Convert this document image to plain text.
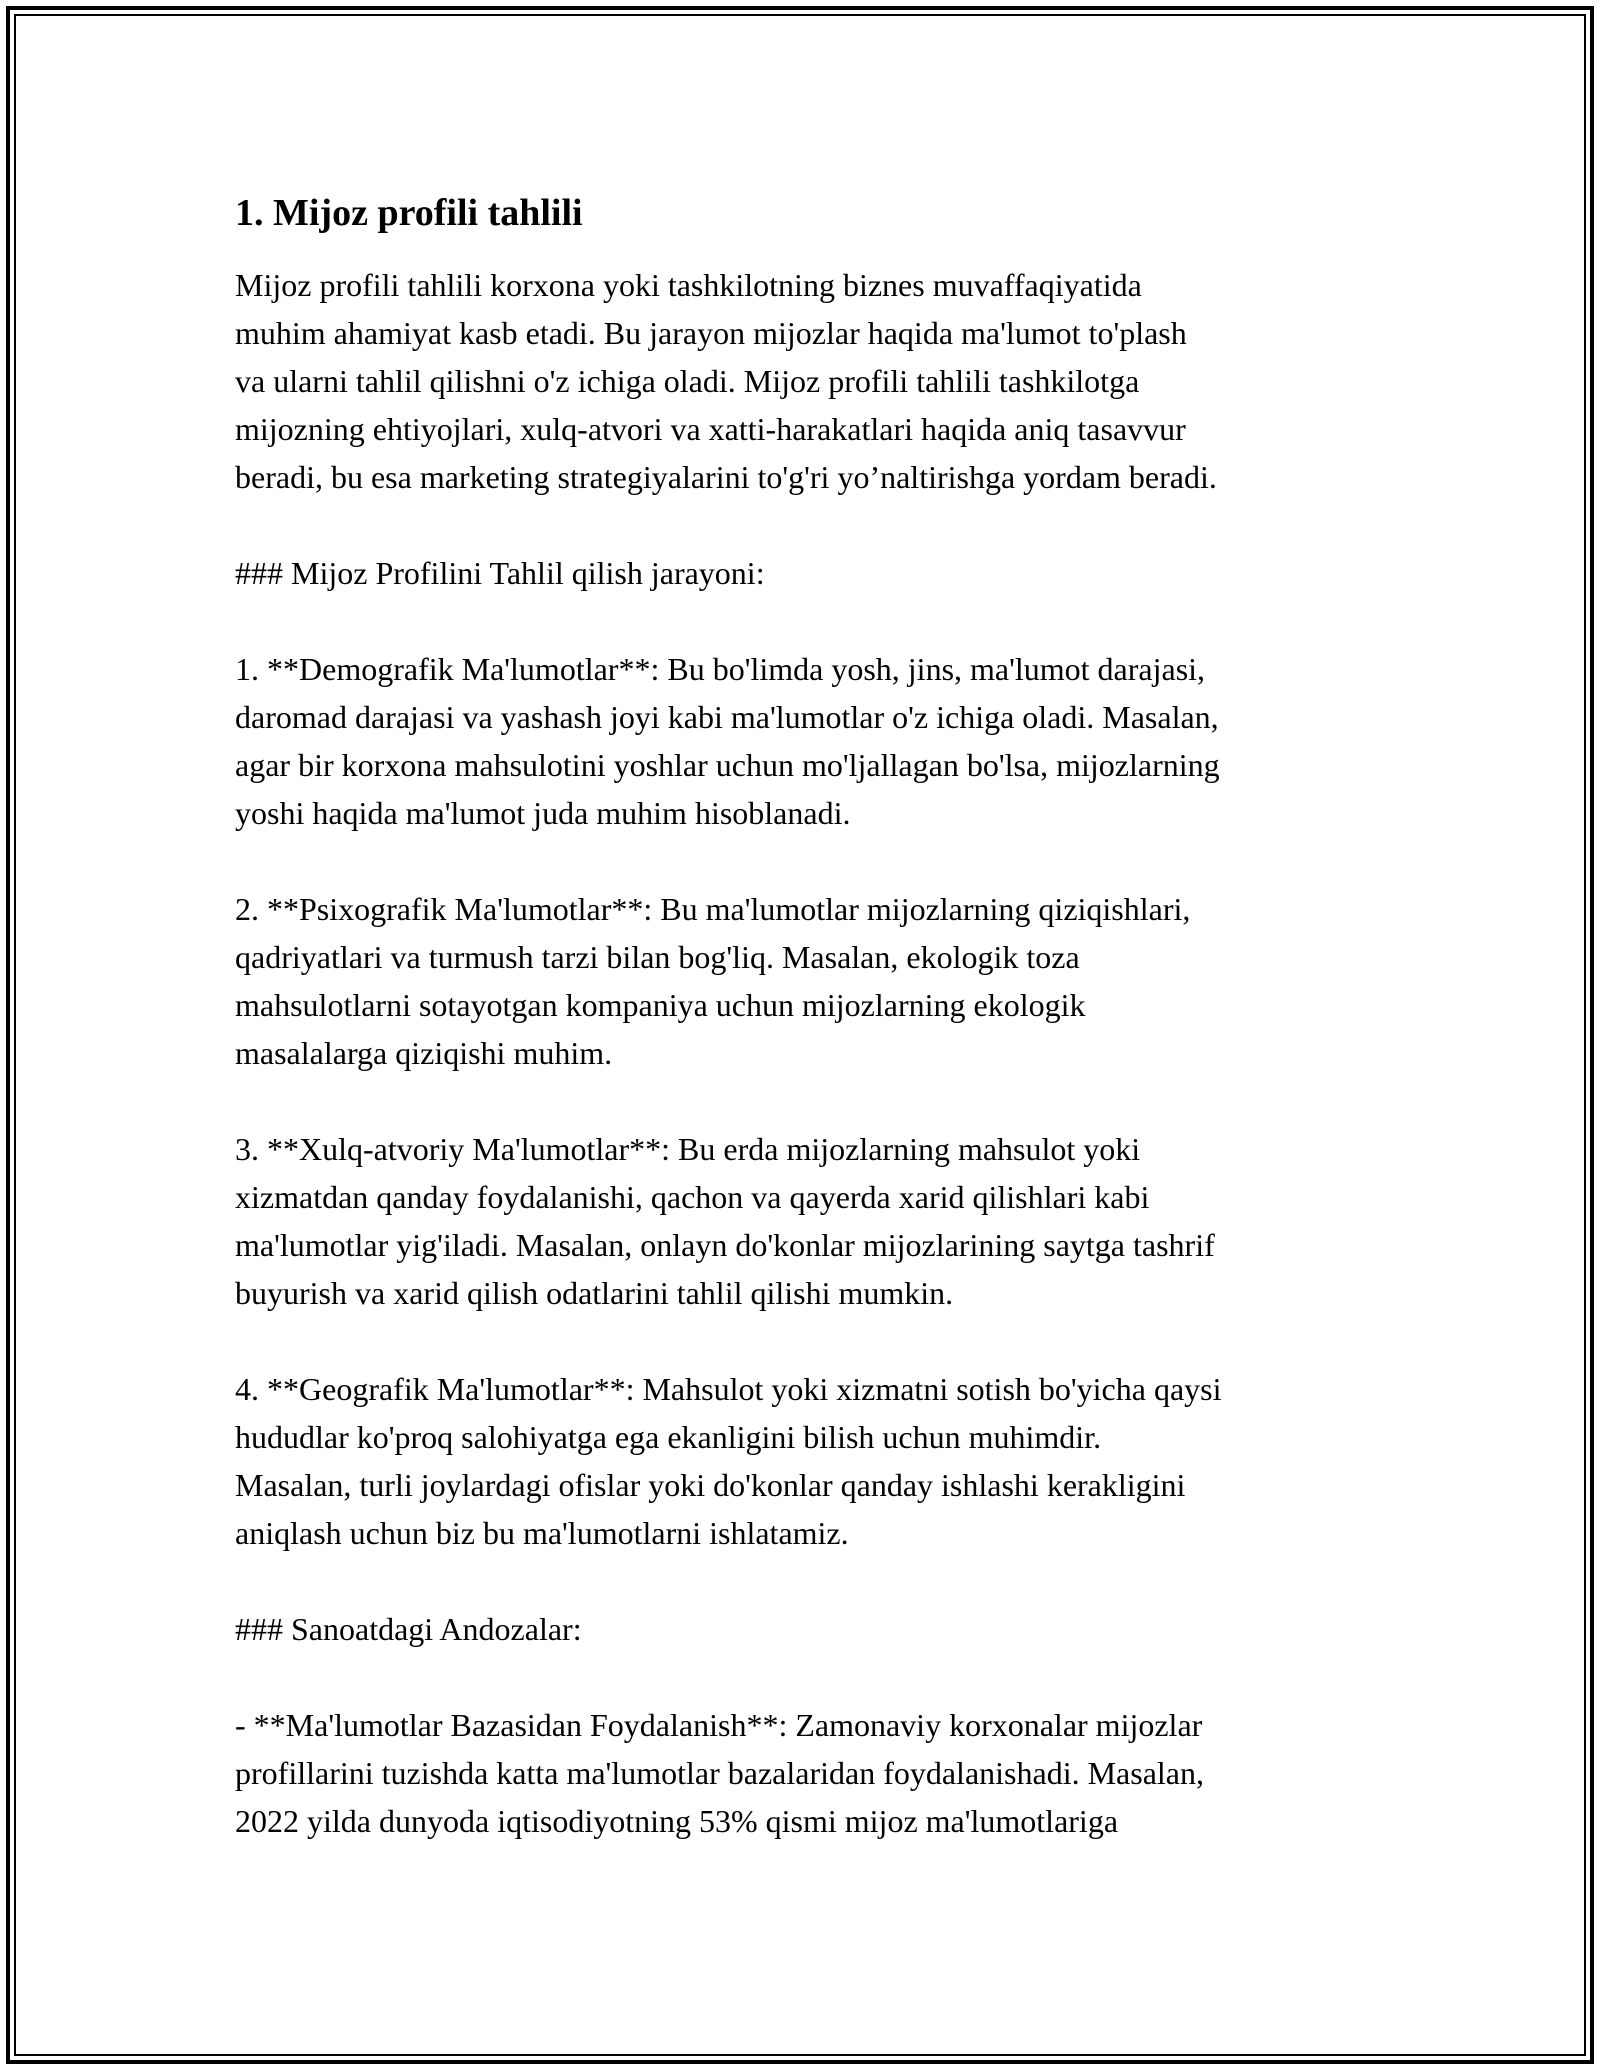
1. Mijoz profili tahlili

Mijoz profili tahlili korxona yoki tashkilotning biznes muvaffaqiyatida
muhim ahamiyat kasb etadi. Bu jarayon mijozlar haqida ma'lumot to'plash
va ularni tahlil qilishni o'z ichiga oladi. Mijoz profili tahlili tashkilotga
mijozning ehtiyojlari, xulq-atvori va xatti-harakatlari haqida aniq tasavvur
beradi, bu esa marketing strategiyalarini to'g'ri yo’naltirishga yordam beradi.

### Mijoz Profilini Tahlil qilish jarayoni:

1. **Demografik Ma'lumotlar**: Bu bo'limda yosh, jins, ma'lumot darajasi,
daromad darajasi va yashash joyi kabi ma'lumotlar o'z ichiga oladi. Masalan,
agar bir korxona mahsulotini yoshlar uchun mo'ljallagan bo'lsa, mijozlarning
yoshi haqida ma'lumot juda muhim hisoblanadi.

2. **Psixografik Ma'lumotlar**: Bu ma'lumotlar mijozlarning qiziqishlari,
qadriyatlari va turmush tarzi bilan bog'liq. Masalan, ekologik toza
mahsulotlarni sotayotgan kompaniya uchun mijozlarning ekologik
masalalarga qiziqishi muhim.

3. **Xulq-atvoriy Ma'lumotlar**: Bu erda mijozlarning mahsulot yoki
xizmatdan qanday foydalanishi, qachon va qayerda xarid qilishlari kabi
ma'lumotlar yig'iladi. Masalan, onlayn do'konlar mijozlarining saytga tashrif
buyurish va xarid qilish odatlarini tahlil qilishi mumkin.

4. **Geografik Ma'lumotlar**: Mahsulot yoki xizmatni sotish bo'yicha qaysi
hududlar ko'proq salohiyatga ega ekanligini bilish uchun muhimdir.
Masalan, turli joylardagi ofislar yoki do'konlar qanday ishlashi kerakligini
aniqlash uchun biz bu ma'lumotlarni ishlatamiz.

### Sanoatdagi Andozalar:

- **Ma'lumotlar Bazasidan Foydalanish**: Zamonaviy korxonalar mijozlar
profillarini tuzishda katta ma'lumotlar bazalaridan foydalanishadi. Masalan,
2022 yilda dunyoda iqtisodiyotning 53% qismi mijoz ma'lumotlariga
